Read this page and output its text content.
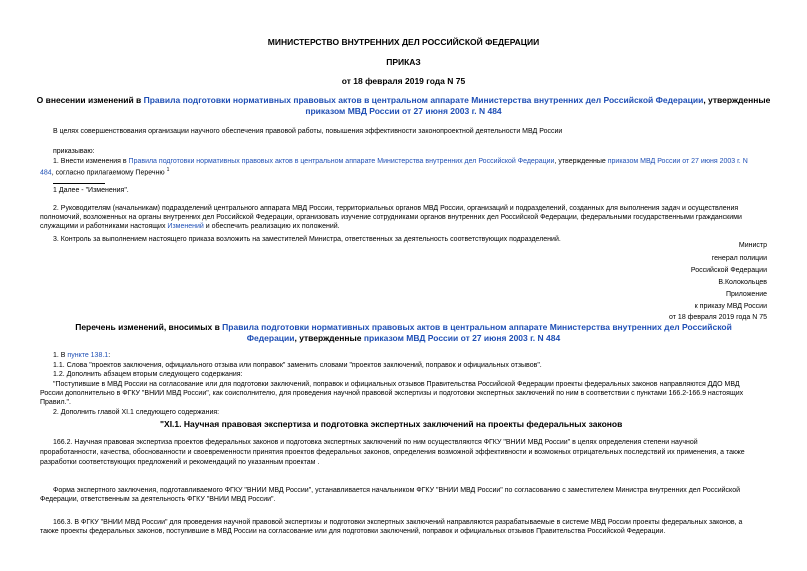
МИНИСТЕРСТВО ВНУТРЕННИХ ДЕЛ РОССИЙСКОЙ ФЕДЕРАЦИИ
ПРИКАЗ
от 18 февраля 2019 года N 75
О внесении изменений в Правила подготовки нормативных правовых актов в центральном аппарате Министерства внутренних дел Российской Федерации, утвержденные
приказом МВД России от 27 июня 2003 г. N 484
В целях совершенствования организации научного обеспечения правовой работы, повышения эффективности законопроектной деятельности МВД России
приказываю:
1. Внести изменения в Правила подготовки нормативных правовых актов в центральном аппарате Министерства внутренних дел Российской Федерации, утвержденные приказом МВД России от 27 июня 2003 г. N
484, согласно прилагаемому Перечню $^1$
1 Далее - "Изменения".
2. Руководителям (начальникам) подразделений центрального аппарата МВД России, территориальных органов МВД России, организаций и подразделений, созданных для выполнения задач и осуществления
полномочий, возложенных на органы внутренних дел Российской Федерации, организовать изучение сотрудниками органов внутренних дел Российской Федерации, федеральными государственными гражданскими
служащими и работниками настоящих Изменений и обеспечить реализацию их положений.
3. Контроль за выполнением настоящего приказа возложить на заместителей Министра, ответственных за деятельность соответствующих подразделений.
Министр
генерал полиции
Российской Федерации
В.Колокольцев
Приложение
к приказу МВД России
от 18 февраля 2019 года N 75
Перечень изменений, вносимых в Правила подготовки нормативных правовых актов в центральном аппарате Министерства внутренних дел Российской
Федерации, утвержденные приказом МВД России от 27 июня 2003 г. N 484
1. В пункте 138.1:
1.1. Слова "проектов заключения, официального отзыва или поправок" заменить словами "проектов заключений, поправок и официальных отзывов".
1.2. Дополнить абзацем вторым следующего содержания:
"Поступившие в МВД России на согласование или для подготовки заключений, поправок и официальных отзывов Правительства Российской Федерации проекты федеральных законов направляются ДДО МВД
России дополнительно в ФГКУ "ВНИИ МВД России", как соисполнителю, для проведения научной правовой экспертизы и подготовки экспертных заключений по ним в соответствии с пунктами 166.2-166.9 настоящих
Правил.".
2. Дополнить главой XI.1 следующего содержания:
"XI.1. Научная правовая экспертиза и подготовка экспертных заключений на проекты федеральных законов
166.2. Научная правовая экспертиза проектов федеральных законов и подготовка экспертных заключений по ним осуществляются ФГКУ "ВНИИ МВД России" в целях определения степени научной
проработанности, качества, обоснованности и своевременности принятия проектов федеральных законов, определения возможной эффективности и возможных отрицательных последствий их применения, а также
разработки соответствующих предложений и рекомендаций по указанным проектам .
Форма экспертного заключения, подготавливаемого ФГКУ "ВНИИ МВД России", устанавливается начальником ФГКУ "ВНИИ МВД России" по согласованию с заместителем Министра внутренних дел Российской
Федерации, ответственным за деятельность ФГКУ "ВНИИ МВД России".
166.3. В ФГКУ "ВНИИ МВД России" для проведения научной правовой экспертизы и подготовки экспертных заключений направляются разрабатываемые в системе МВД России проекты федеральных законов, а
также проекты федеральных законов, поступившие в МВД России на согласование или для подготовки заключений, поправок и официальных отзывов Правительства Российской Федерации.
